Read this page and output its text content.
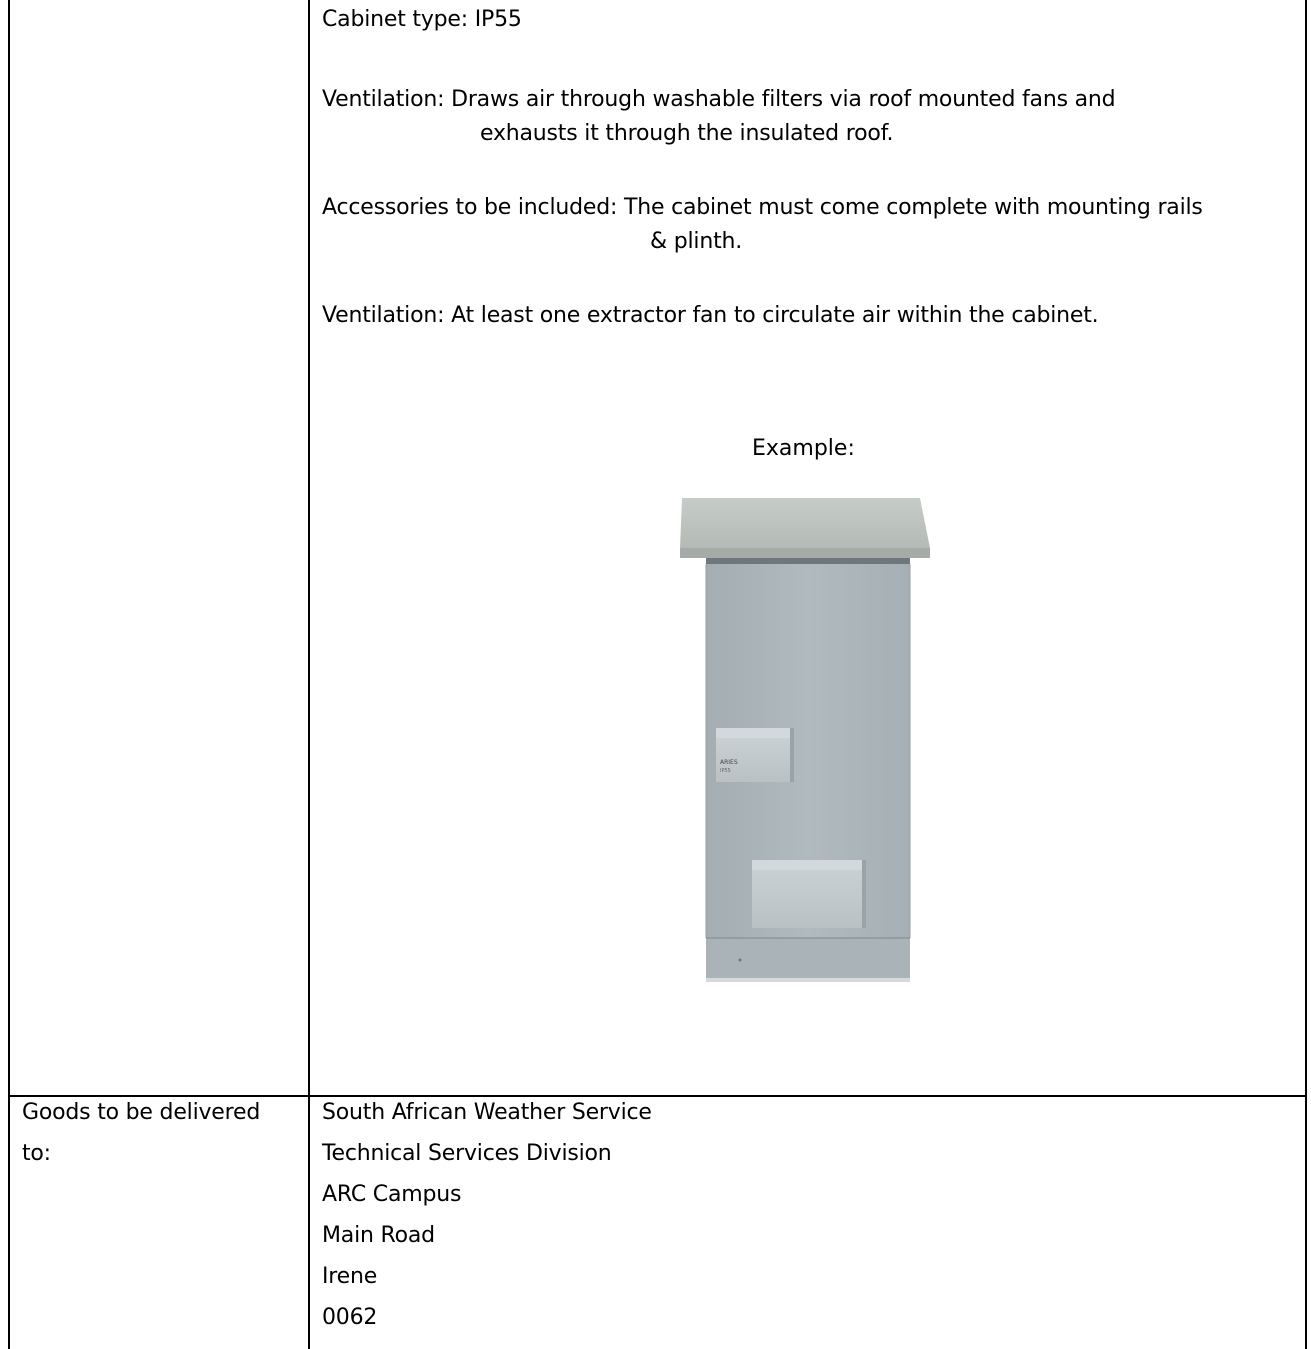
Cabinet type: IP55
Ventilation: Draws air through washable filters via roof mounted fans and
exhausts it through the insulated roof.
Accessories to be included: The cabinet must come complete with mounting rails
& plinth.
Ventilation: At least one extractor fan to circulate air within the cabinet.
Example:
ARIES
IP55
Goods to be delivered
to:
South African Weather Service
Technical Services Division
ARC Campus
Main Road
Irene
0062
